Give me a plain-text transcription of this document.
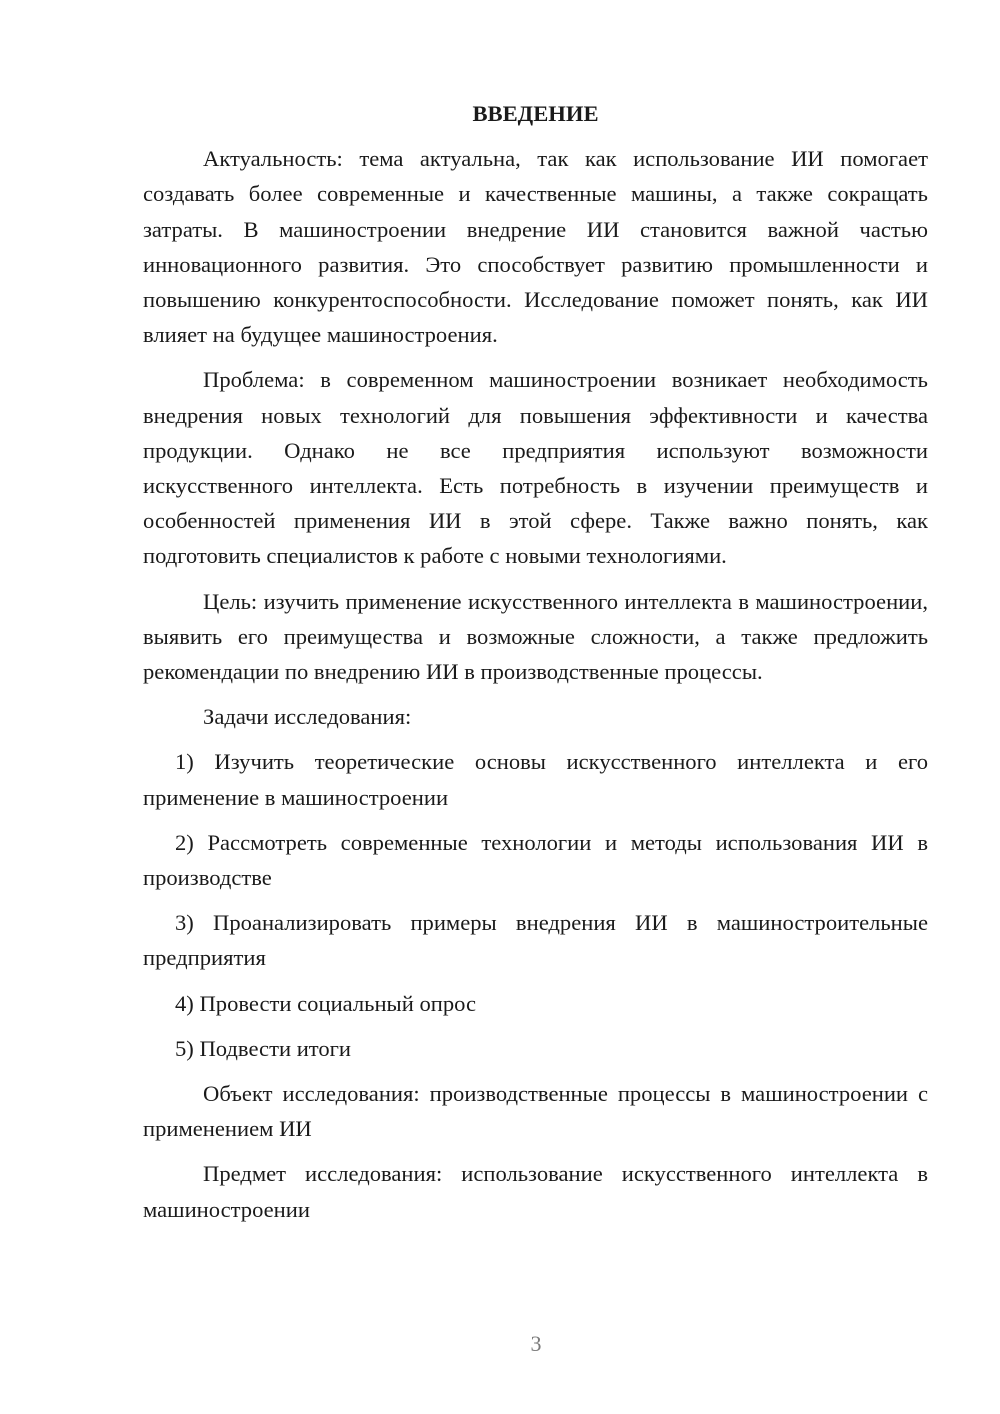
ВВЕДЕНИЕ

Актуальность: тема актуальна, так как использование ИИ помогает создавать более современные и качественные машины, а также сокращать затраты. В машиностроении внедрение ИИ становится важной частью инновационного развития. Это способствует развитию промышленности и повышению конкурентоспособности. Исследование поможет понять, как ИИ влияет на будущее машиностроения.

Проблема: в современном машиностроении возникает необходимость внедрения новых технологий для повышения эффективности и качества продукции. Однако не все предприятия используют возможности искусственного интеллекта. Есть потребность в изучении преимуществ и особенностей применения ИИ в этой сфере. Также важно понять, как подготовить специалистов к работе с новыми технологиями.

Цель: изучить применение искусственного интеллекта в машиностроении, выявить его преимущества и возможные сложности, а также предложить рекомендации по внедрению ИИ в производственные процессы.

Задачи исследования:

1) Изучить теоретические основы искусственного интеллекта и его применение в машиностроении

2) Рассмотреть современные технологии и методы использования ИИ в производстве

3) Проанализировать примеры внедрения ИИ в машиностроительные предприятия

4) Провести социальный опрос

5) Подвести итоги

Объект исследования: производственные процессы в машиностроении с применением ИИ

Предмет исследования: использование искусственного интеллекта в машиностроении

3
